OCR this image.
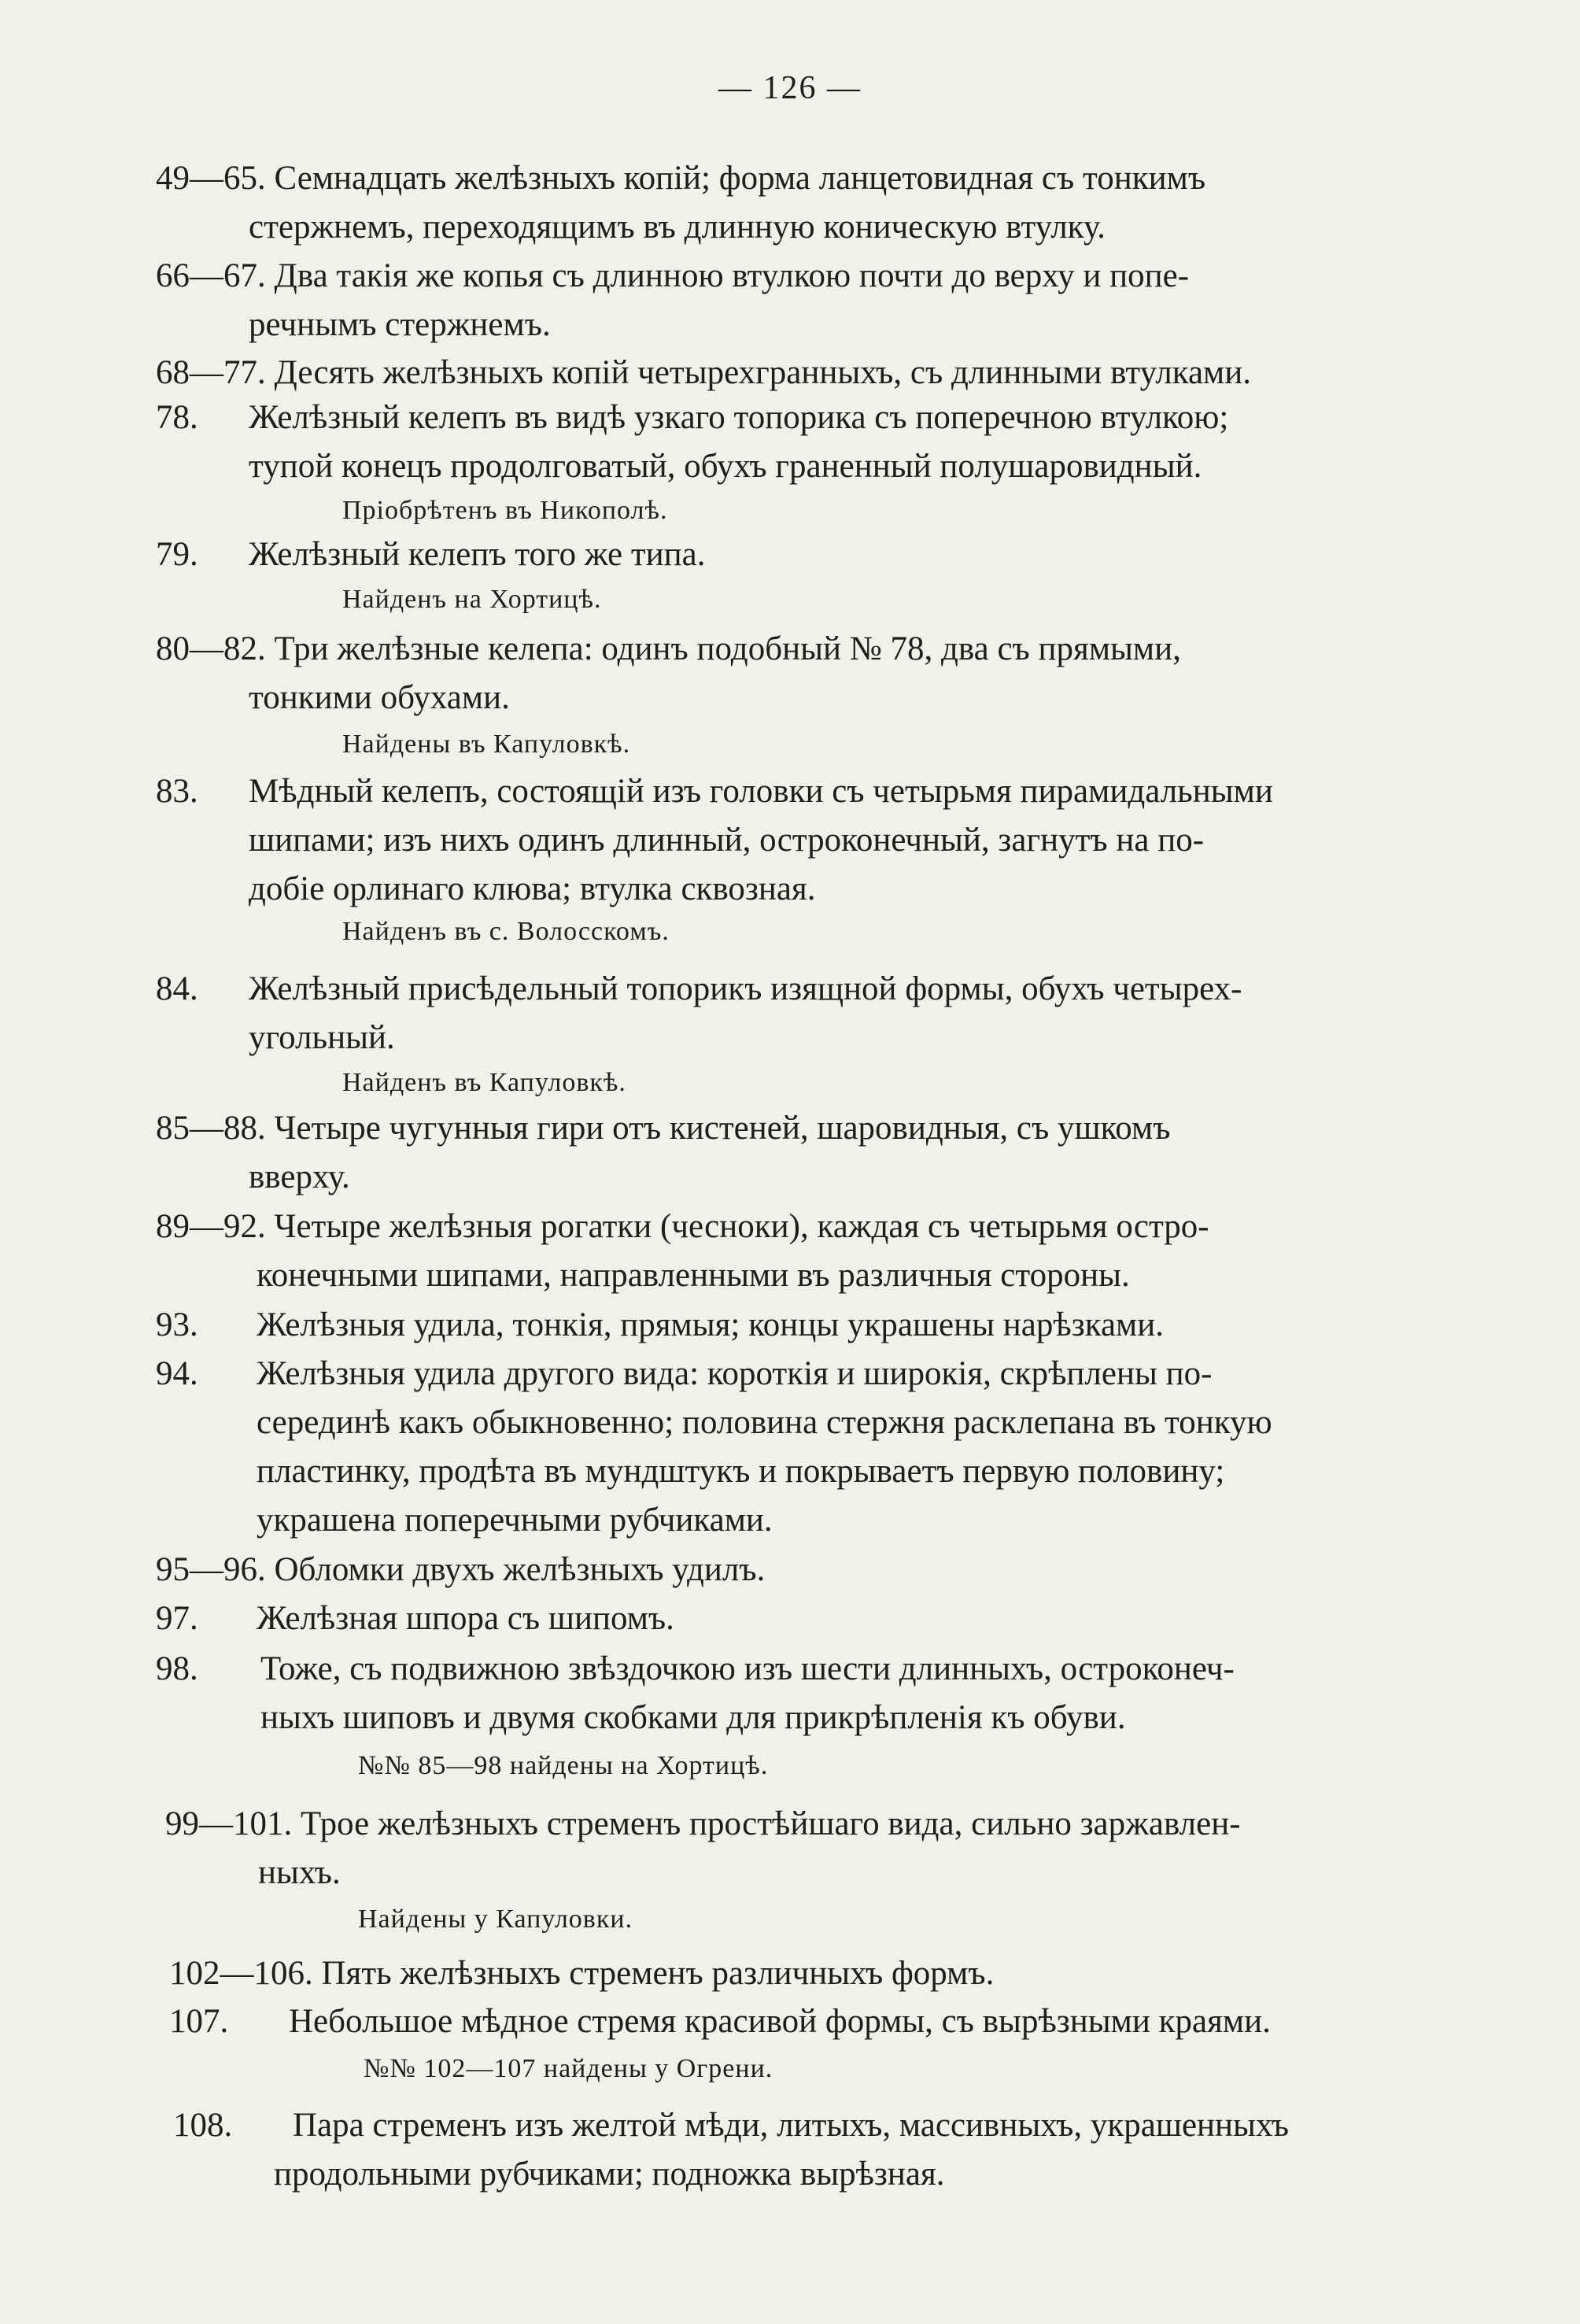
— 126 —
49—65. Семнадцать желѣзныхъ копій; форма ланцетовидная съ тонкимъ
стержнемъ, переходящимъ въ длинную коническую втулку.
66—67. Два такія же копья съ длинною втулкою почти до верху и попе-
речнымъ стержнемъ.
68—77. Десять желѣзныхъ копій четырехгранныхъ, съ длинными втулками.
78. Желѣзный келепъ въ видѣ узкаго топорика съ поперечною втулкою;
тупой конецъ продолговатый, обухъ граненный полушаровидный.
Пріобрѣтенъ въ Никополѣ.
79. Желѣзный келепъ того же типа.
Найденъ на Хортицѣ.
80—82. Три желѣзные келепа: одинъ подобный № 78, два съ прямыми,
тонкими обухами.
Найдены въ Капуловкѣ.
83. Мѣдный келепъ, состоящій изъ головки съ четырьмя пирамидальными
шипами; изъ нихъ одинъ длинный, остроконечный, загнутъ на по-
добіе орлинаго клюва; втулка сквозная.
Найденъ въ с. Волосскомъ.
84. Желѣзный присѣдельный топорикъ изящной формы, обухъ четырех-
угольный.
Найденъ въ Капуловкѣ.
85—88. Четыре чугунныя гири отъ кистеней, шаровидныя, съ ушкомъ
вверху.
89—92. Четыре желѣзныя рогатки (чесноки), каждая съ четырьмя остро-
конечными шипами, направленными въ различныя стороны.
93. Желѣзныя удила, тонкія, прямыя; концы украшены нарѣзками.
94. Желѣзныя удила другого вида: короткія и широкія, скрѣплены по-
серединѣ какъ обыкновенно; половина стержня расклепана въ тонкую
пластинку, продѣта въ мундштукъ и покрываетъ первую половину;
украшена поперечными рубчиками.
95—96. Обломки двухъ желѣзныхъ удилъ.
97. Желѣзная шпора съ шипомъ.
98. Тоже, съ подвижною звѣздочкою изъ шести длинныхъ, остроконеч-
ныхъ шиповъ и двумя скобками для прикрѣпленія къ обуви.
№№ 85—98 найдены на Хортицѣ.
99—101. Трое желѣзныхъ стременъ простѣйшаго вида, сильно заржавлен-
ныхъ.
Найдены у Капуловки.
102—106. Пять желѣзныхъ стременъ различныхъ формъ.
107. Небольшое мѣдное стремя красивой формы, съ вырѣзными краями.
№№ 102—107 найдены у Огрени.
108. Пара стременъ изъ желтой мѣди, литыхъ, массивныхъ, украшенныхъ
продольными рубчиками; подножка вырѣзная.
